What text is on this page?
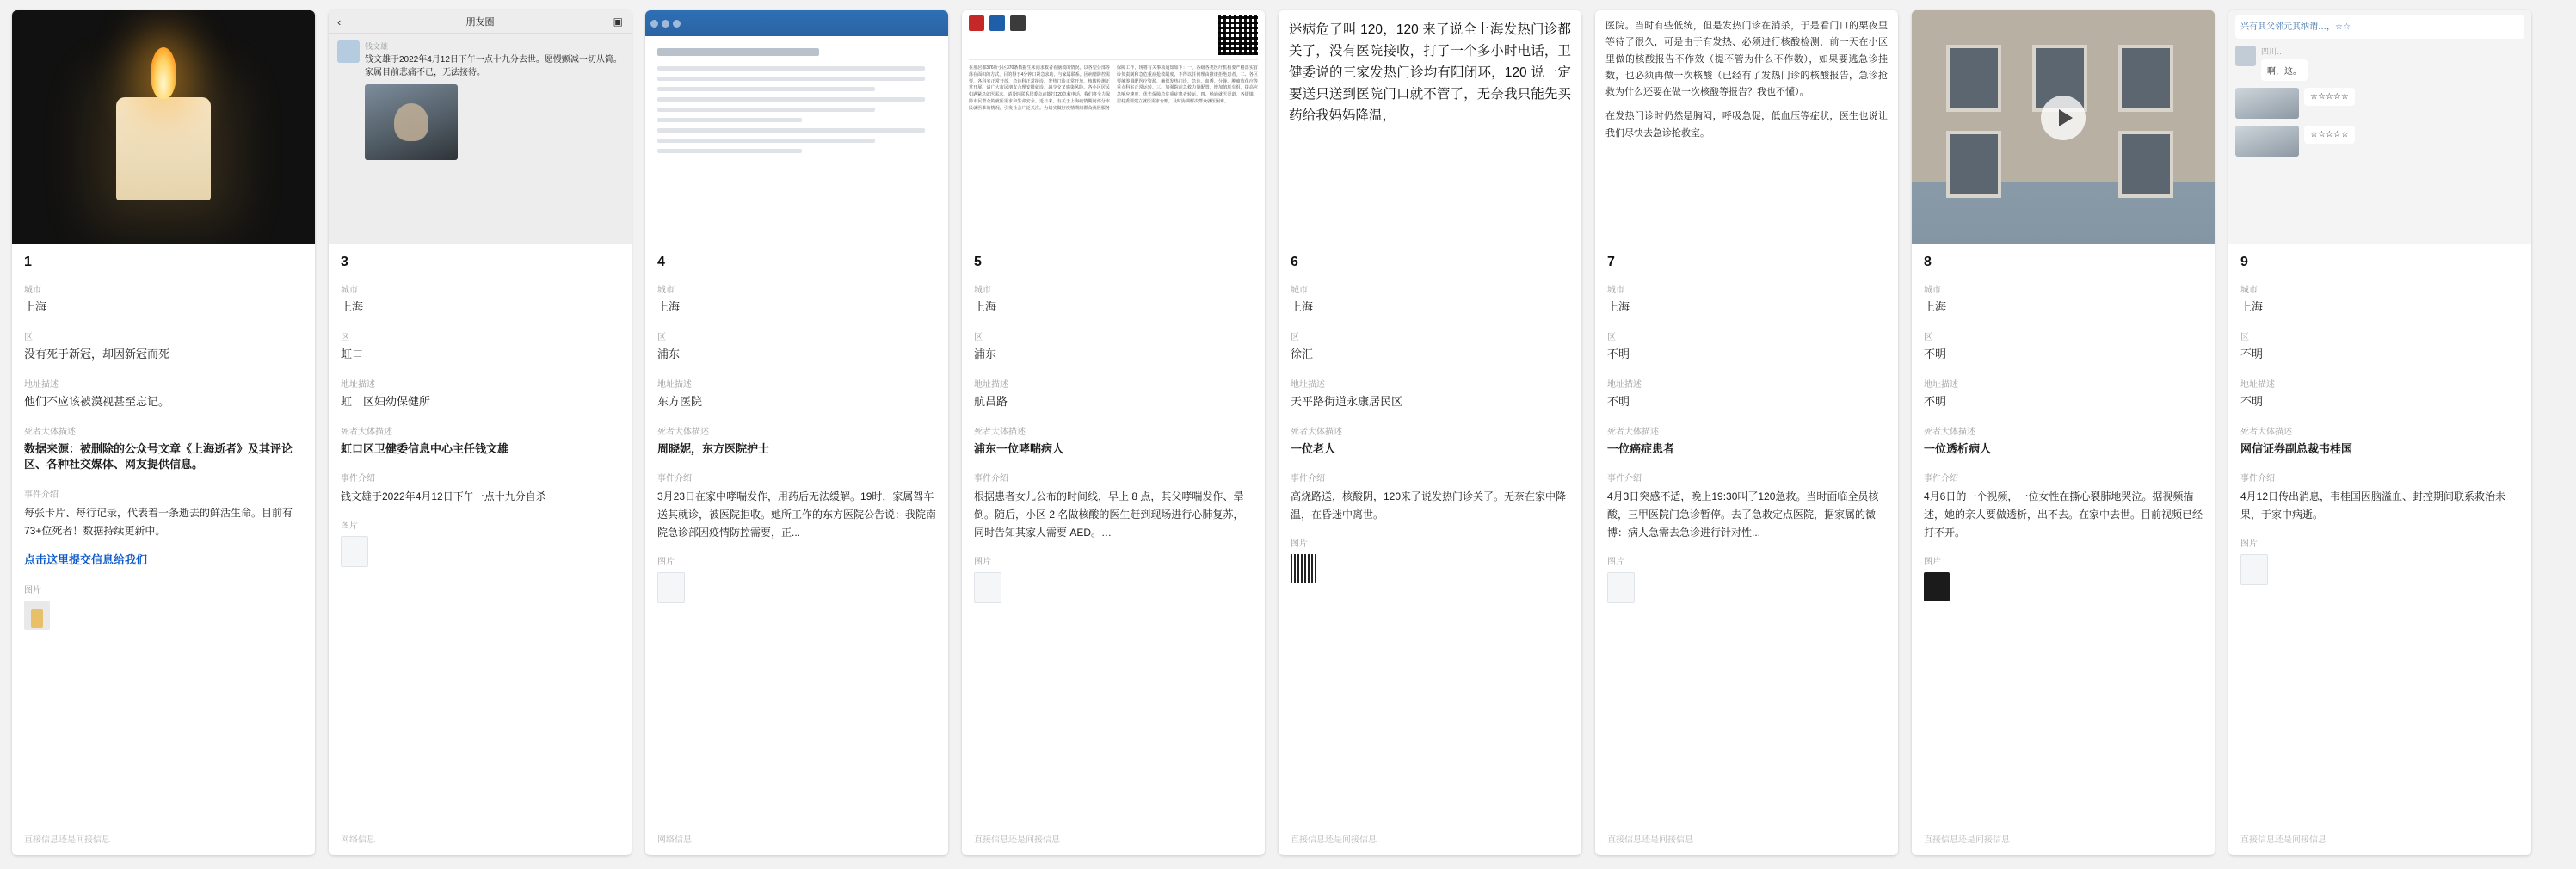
1
城市
上海
区
没有死于新冠，却因新冠而死
地址描述
他们不应该被漠视甚至忘记。
死者大体描述
数据来源：被删除的公众号文章《上海逝者》及其评论区、各种社交媒体、网友提供信息。
事件介绍
每张卡片、每行记录，代表着一条逝去的鲜活生命。目前有73+位死者！数据持续更新中。
点击这里提交信息给我们
图片
直接信息还是间接信息
‹	朋友圈	▣
钱文雄
钱文雄于2022年4月12日下午一点十九分去世。愿慢颤减一切从简。家属目前悲痛不已，无法接待。
3
城市
上海
区
虹口
地址描述
虹口区妇幼保健所
死者大体描述
虹口区卫健委信息中心主任钱文雄
事件介绍
钱文雄于2022年4月12日下午一点十九分自杀
图片
网络信息
4
城市
上海
区
浦东
地址描述
东方医院
死者大体描述
周晓妮，东方医院护士
事件介绍
3月23日在家中哮喘发作，用药后无法缓解。19时，家属驾车送其就诊，被医院拒收。她所工作的东方医院公告说：我院南院急诊部因疫情防控需要，正...
图片
网络信息
在那居都376所小区370条数据生未向求救者看脑救的情况，以各型公部等落在面积的方式，目的得于4分钟口紧急求助，与家属联系。因病情防控需要，各科室正常开放，急诊科正常接诊，发热门诊正常开放，核酸检测正常开展。请广大市民朋友合理安排就诊，减少交叉感染风险。各小区居民如遇紧急就医需求，请及时联系居委会或拨打120急救电话，我们将全力保障市民群众的就医需求和生命安全。近日来，有关于上海疫情期间部分市民就医难的情况，引发社会广泛关注。为切实做好疫情期间群众就医服务保障工作，现将有关事项通知如下：一、各级各类医疗机构要严格落实首诊负责制和急危重症抢救制度，不得以任何理由推诿拒绝患者。二、各区要统筹调配医疗资源，确保发热门诊、急诊、血透、分娩、肿瘤放化疗等重点科室正常运转。三、加强院前急救力量配置，增加值班车组，提高应急响应速度，优先保障急危重症患者转运。四、畅通就医渠道，各街镇、居村委要建立就医需求台账，及时协调解决群众就医困难。
5
城市
上海
区
浦东
地址描述
航昌路
死者大体描述
浦东一位哮喘病人
事件介绍
根据患者女儿公布的时间线，早上 8 点，其父哮喘发作、晕倒。随后，小区 2 名做核酸的医生赶到现场进行心肺复苏，同时告知其家人需要 AED。…
图片
直接信息还是间接信息

迷病危了叫 120，120 来了说全上海发热门诊都关了，没有医院接收，打了一个多小时电话，卫健委说的三家发热门诊均有阳闭环，120 说一定要送只送到医院门口就不管了，无奈我只能先买药给我妈妈降温，

6
城市
上海
区
徐汇
地址描述
天平路街道永康居民区
死者大体描述
一位老人
事件介绍
高烧路送，核酸阴，120来了说发热门诊关了。无奈在家中降温，在昏迷中离世。
图片
直接信息还是间接信息

医院。当时有些低统，但是发热门诊在消杀，于是看门口的栗夜里等待了很久，可是由于有发热、必须进行核酸检测，前一天在小区里做的核酸报告不作效（提不管为什么不作数），如果要逃急诊挂数，也必须再做一次核酸（已经有了发热门诊的核酸报告，急诊抢救为什么还要在做一次核酸等报告？我也不懂）。

在发热门诊时仍然是胸闷，呼吸急促，低血压等症状，医生也说让我们尽快去急诊抢救室。

7
城市
上海
区
不明
地址描述
不明
死者大体描述
一位癌症患者
事件介绍
4月3日突感不适，晚上19:30叫了120急救。当时面临全员核酸，三甲医院门急诊暂停。去了急救定点医院，据家属的微博：病人急需去急诊进行针对性...
图片
直接信息还是间接信息
8
城市
上海
区
不明
地址描述
不明
死者大体描述
一位透析病人
事件介绍
4月6日的一个视频，一位女性在撕心裂肺地哭泣。据视频描述，她的亲人要做透析，出不去。在家中去世。目前视频已经打不开。
图片
直接信息还是间接信息
兴有其父邻元其纳谓…，☆☆
四川…
啊，这。
☆☆☆☆☆
☆☆☆☆☆
9
城市
上海
区
不明
地址描述
不明
死者大体描述
网信证券副总裁韦桂国
事件介绍
4月12日传出消息，韦桂国因脑溢血、封控期间联系救治未果，于家中病逝。
图片
直接信息还是间接信息
